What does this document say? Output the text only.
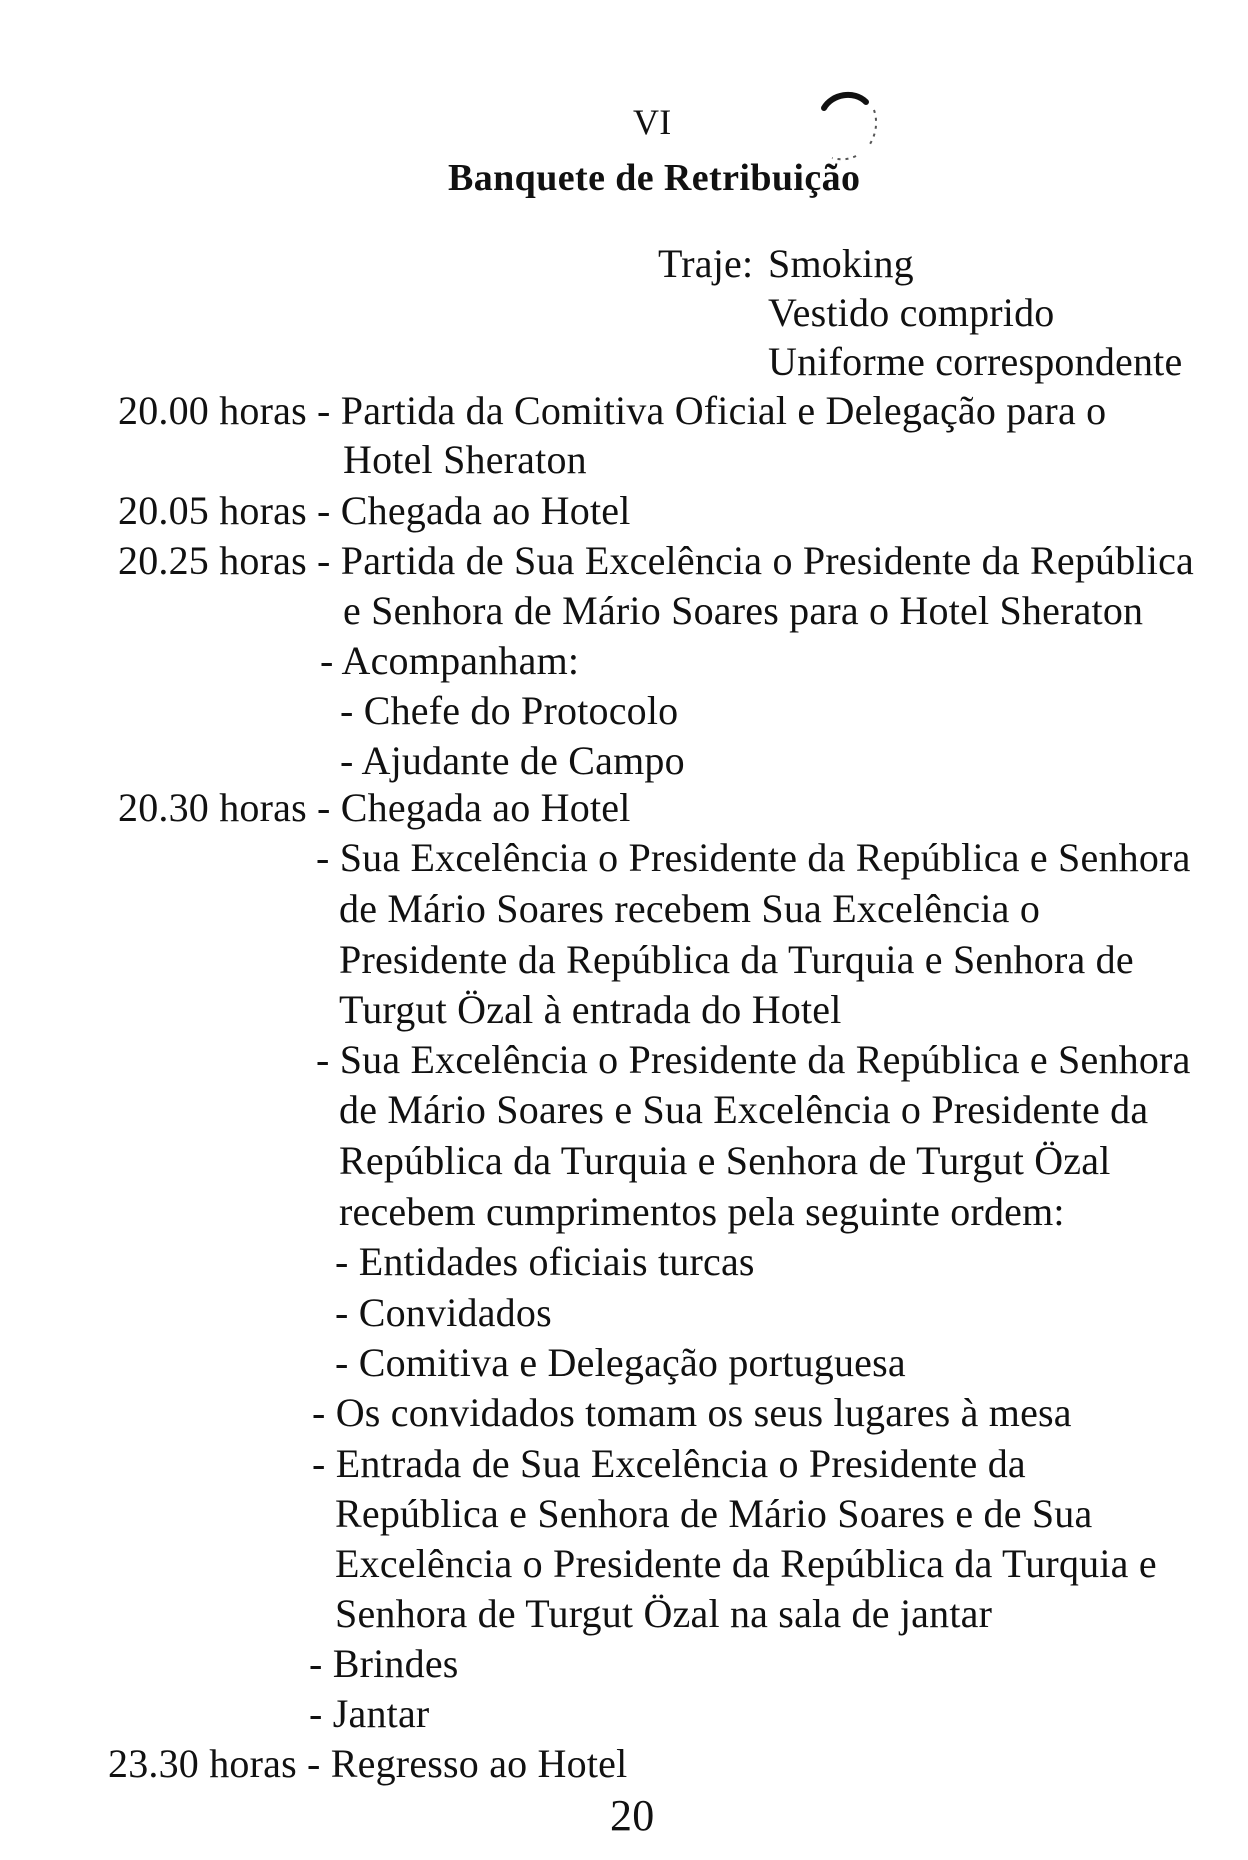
VI
Banquete de Retribuição
Traje: Smoking
Vestido comprido
Uniforme correspondente
20.00 horas - Partida da Comitiva Oficial e Delegação para o
Hotel Sheraton
20.05 horas - Chegada ao Hotel
20.25 horas - Partida de Sua Excelência o Presidente da República
e Senhora de Mário Soares para o Hotel Sheraton
- Acompanham:
- Chefe do Protocolo
- Ajudante de Campo
20.30 horas - Chegada ao Hotel
- Sua Excelência o Presidente da República e Senhora
de Mário Soares recebem Sua Excelência o
Presidente da República da Turquia e Senhora de
Turgut Özal à entrada do Hotel
- Sua Excelência o Presidente da República e Senhora
de Mário Soares e Sua Excelência o Presidente da
República da Turquia e Senhora de Turgut Özal
recebem cumprimentos pela seguinte ordem:
- Entidades oficiais turcas
- Convidados
- Comitiva e Delegação portuguesa
- Os convidados tomam os seus lugares à mesa
- Entrada de Sua Excelência o Presidente da
República e Senhora de Mário Soares e de Sua
Excelência o Presidente da República da Turquia e
Senhora de Turgut Özal na sala de jantar
- Brindes
- Jantar
23.30 horas - Regresso ao Hotel
20
